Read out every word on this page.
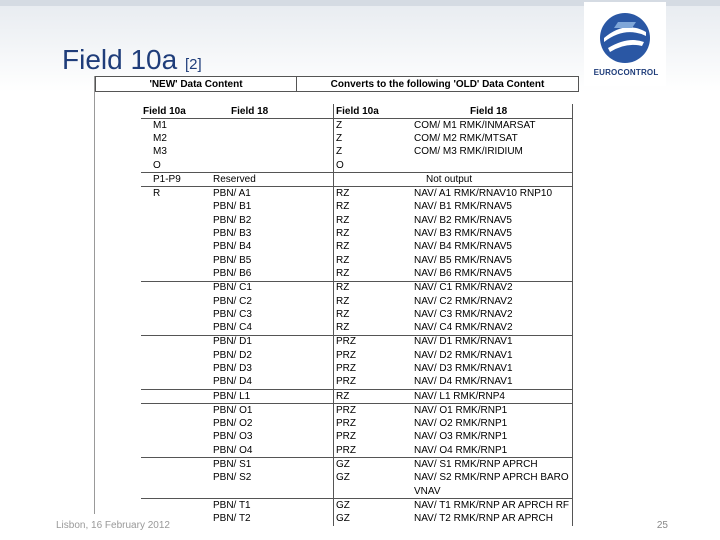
Field 10a [2]	EUROCONTROL
'NEW' Data Content	Converts to the following 'OLD' Data Content
Field 10a	Field 18	Field 10a	Field 18
M1		Z	COM/ M1 RMK/INMARSAT
M2		Z	COM/ M2 RMK/MTSAT
M3		Z	COM/ M3 RMK/IRIDIUM
O		O	
P1-P9	Reserved		Not output
R	PBN/ A1	RZ	NAV/ A1 RMK/RNAV10 RNP10
	PBN/ B1	RZ	NAV/ B1 RMK/RNAV5
	PBN/ B2	RZ	NAV/ B2 RMK/RNAV5
	PBN/ B3	RZ	NAV/ B3 RMK/RNAV5
	PBN/ B4	RZ	NAV/ B4 RMK/RNAV5
	PBN/ B5	RZ	NAV/ B5 RMK/RNAV5
	PBN/ B6	RZ	NAV/ B6 RMK/RNAV5
	PBN/ C1	RZ	NAV/ C1 RMK/RNAV2
	PBN/ C2	RZ	NAV/ C2 RMK/RNAV2
	PBN/ C3	RZ	NAV/ C3 RMK/RNAV2
	PBN/ C4	RZ	NAV/ C4 RMK/RNAV2
	PBN/ D1	PRZ	NAV/ D1 RMK/RNAV1
	PBN/ D2	PRZ	NAV/ D2 RMK/RNAV1
	PBN/ D3	PRZ	NAV/ D3 RMK/RNAV1
	PBN/ D4	PRZ	NAV/ D4 RMK/RNAV1
	PBN/ L1	RZ	NAV/ L1 RMK/RNP4
	PBN/ O1	PRZ	NAV/ O1 RMK/RNP1
	PBN/ O2	PRZ	NAV/ O2 RMK/RNP1
	PBN/ O3	PRZ	NAV/ O3 RMK/RNP1
	PBN/ O4	PRZ	NAV/ O4 RMK/RNP1
	PBN/ S1	GZ	NAV/ S1 RMK/RNP APRCH
	PBN/ S2	GZ	NAV/ S2 RMK/RNP APRCH BARO
			VNAV
	PBN/ T1	GZ	NAV/ T1 RMK/RNP AR APRCH RF
	PBN/ T2	GZ	NAV/ T2 RMK/RNP AR APRCH
Lisbon, 16 February 2012	25
